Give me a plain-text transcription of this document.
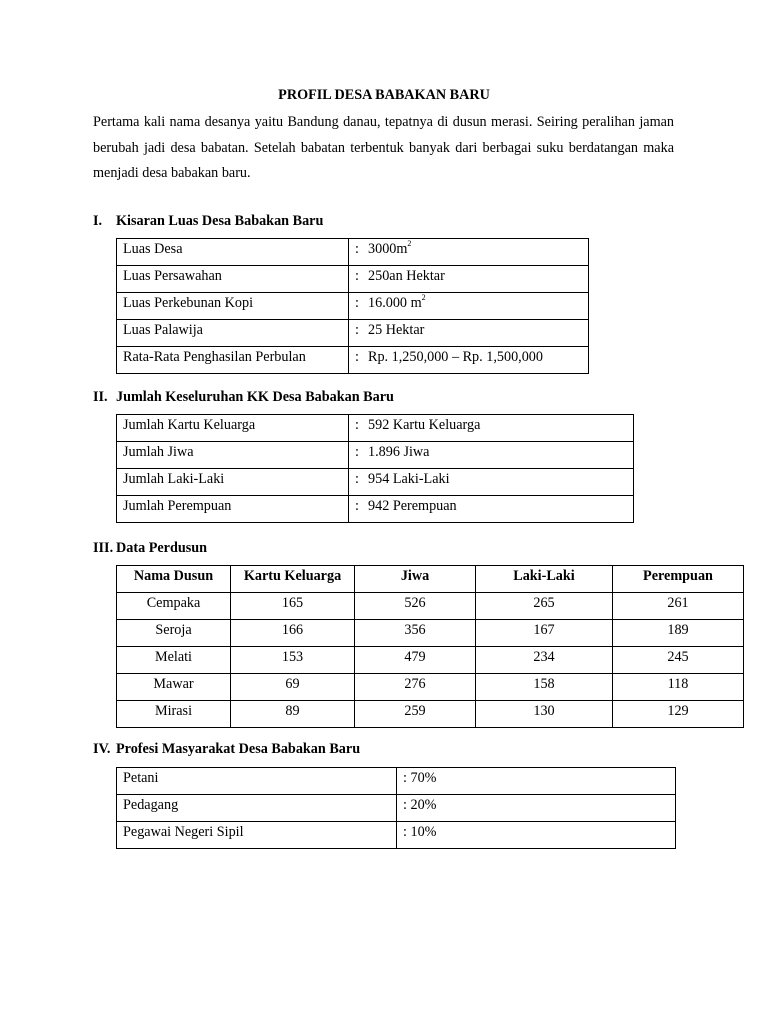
PROFIL DESA BABAKAN BARU

Pertama kali nama desanya yaitu Bandung danau, tepatnya di dusun merasi. Seiring peralihan jaman berubah jadi desa babatan. Setelah babatan terbentuk banyak dari berbagai suku berdatangan maka menjadi desa babakan baru.

I. Kisaran Luas Desa Babakan Baru
Luas Desa	: $3000m^2$
Luas Persawahan	: 250an Hektar
Luas Perkebunan Kopi	: 16.000 $m^2$
Luas Palawija	: 25 Hektar
Rata-Rata Penghasilan Perbulan	: Rp. 1,250,000 – Rp. 1,500,000
II. Jumlah Keseluruhan KK Desa Babakan Baru
Jumlah Kartu Keluarga	: 592 Kartu Keluarga
Jumlah Jiwa	: 1.896 Jiwa
Jumlah Laki-Laki	: 954 Laki-Laki
Jumlah Perempuan	: 942 Perempuan
III. Data Perdusun
Nama Dusun	Kartu Keluarga	Jiwa	Laki-Laki	Perempuan
Cempaka	165	526	265	261
Seroja	166	356	167	189
Melati	153	479	234	245
Mawar	69	276	158	118
Mirasi	89	259	130	129
IV. Profesi Masyarakat Desa Babakan Baru
Petani	: 70%
Pedagang	: 20%
Pegawai Negeri Sipil	: 10%
